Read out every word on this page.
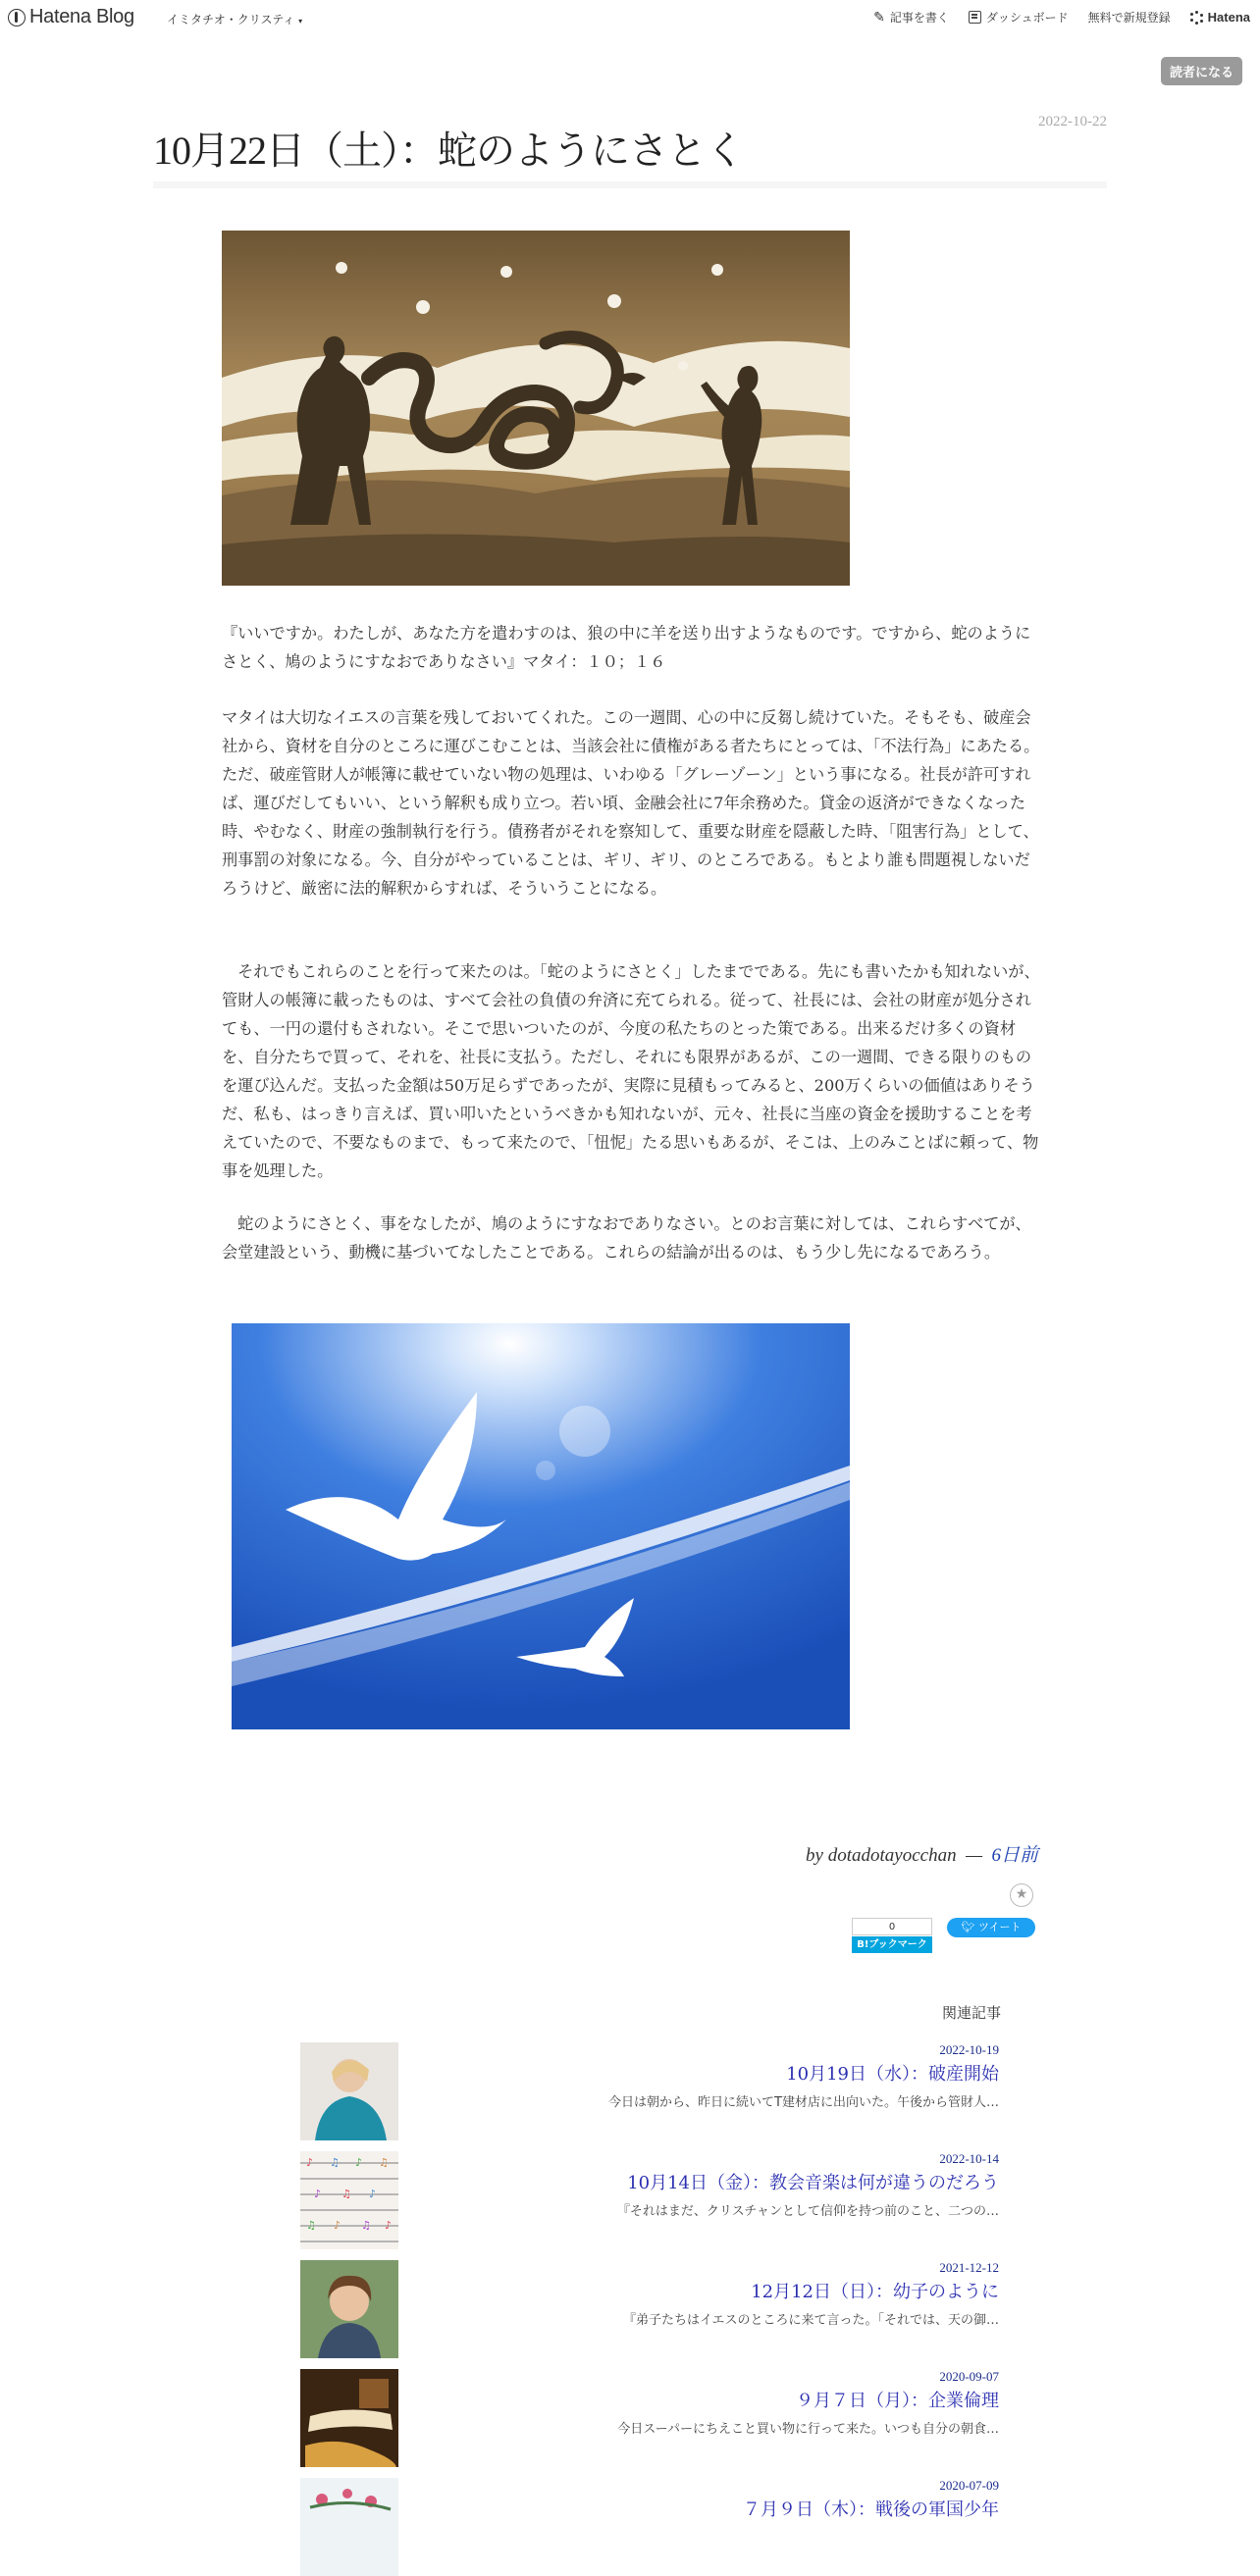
Hatena Blog	イミタチオ・クリスティ ▾	✎ 記事を書く	ダッシュボード 無料で新規登録	Hatena
読者になる
2022-10-22
10月22日（土）：蛇のようにさとく

『いいですか。わたしが、あなた方を遣わすのは、狼の中に羊を送り出すようなものです。ですから、蛇のようにさとく、鳩のようにすなおでありなさい』マタイ：１０；１６

マタイは大切なイエスの言葉を残しておいてくれた。この一週間、心の中に反芻し続けていた。そもそも、破産会社から、資材を自分のところに運びこむことは、当該会社に債権がある者たちにとっては、「不法行為」にあたる。ただ、破産管財人が帳簿に載せていない物の処理は、いわゆる「グレーゾーン」という事になる。社長が許可すれば、運びだしてもいい、という解釈も成り立つ。若い頃、金融会社に7年余務めた。貸金の返済ができなくなった時、やむなく、財産の強制執行を行う。債務者がそれを察知して、重要な財産を隠蔽した時、「阻害行為」として、刑事罰の対象になる。今、自分がやっていることは、ギリ、ギリ、のところである。もとより誰も問題視しないだろうけど、厳密に法的解釈からすれば、そういうことになる。

　それでもこれらのことを行って来たのは。「蛇のようにさとく」したまでである。先にも書いたかも知れないが、管財人の帳簿に載ったものは、すべて会社の負債の弁済に充てられる。従って、社長には、会社の財産が処分されても、一円の還付もされない。そこで思いついたのが、今度の私たちのとった策である。出来るだけ多くの資材を、自分たちで買って、それを、社長に支払う。ただし、それにも限界があるが、この一週間、できる限りのものを運び込んだ。支払った金額は50万足らずであったが、実際に見積もってみると、200万くらいの価値はありそうだ、私も、はっきり言えば、買い叩いたというべきかも知れないが、元々、社長に当座の資金を援助することを考えていたので、不要なものまで、もって来たので、「忸怩」たる思いもあるが、そこは、上のみことばに頼って、物事を処理した。

　蛇のようにさとく、事をなしたが、鳩のようにすなおでありなさい。とのお言葉に対しては、これらすべてが、会堂建設という、動機に基づいてなしたことである。これらの結論が出るのは、もう少し先になるであろう。

by dotadotayocchan — 6日前
★
0
B!ブックマーク
🐦︎ ツイート
関連記事
2022-10-19
10月19日（水）：破産開始
今日は朝から、昨日に続いてT建材店に出向いた。午後から管財人…
♪ ♫ ♪ ♫
♪ ♫ ♪
♫ ♪ ♫ ♪
2022-10-14
10月14日（金）：教会音楽は何が違うのだろう
『それはまだ、クリスチャンとして信仰を持つ前のこと、二つの…
2021-12-12
12月12日（日）：幼子のように
『弟子たちはイエスのところに来て言った。「それでは、天の御…
2020-09-07
９月７日（月）：企業倫理
今日スーパーにちえこと買い物に行って来た。いつも自分の朝食…
2020-07-09
７月９日（木）：戦後の軍国少年
